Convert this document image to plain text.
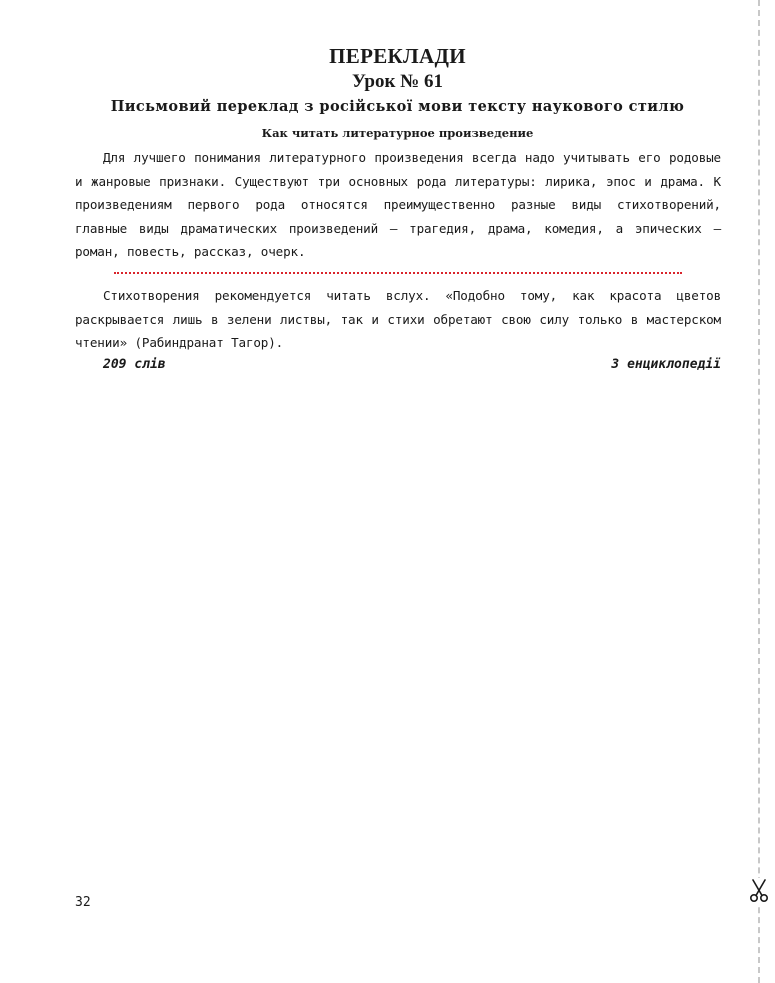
ПЕРЕКЛАДИ
Урок № 61
Письмовий переклад з російської мови тексту наукового стилю
Как читать литературное произведение

Для лучшего понимания литературного произведения всегда надо учитывать его родовые и жанровые признаки. Существуют три основных рода литературы: лирика, эпос и драма. К произведениям первого рода относятся преимущественно разные виды стихотворений, главные виды драматических произведений — трагедия, драма, комедия, а эпических — роман, повесть, рассказ, очерк.

Стихотворения рекомендуется читать вслух. «Подобно тому, как красота цветов раскрывается лишь в зелени листвы, так и стихи обретают свою силу только в мастерском чтении» (Рабиндранат Тагор).

209 слів	З енциклопедії
32
